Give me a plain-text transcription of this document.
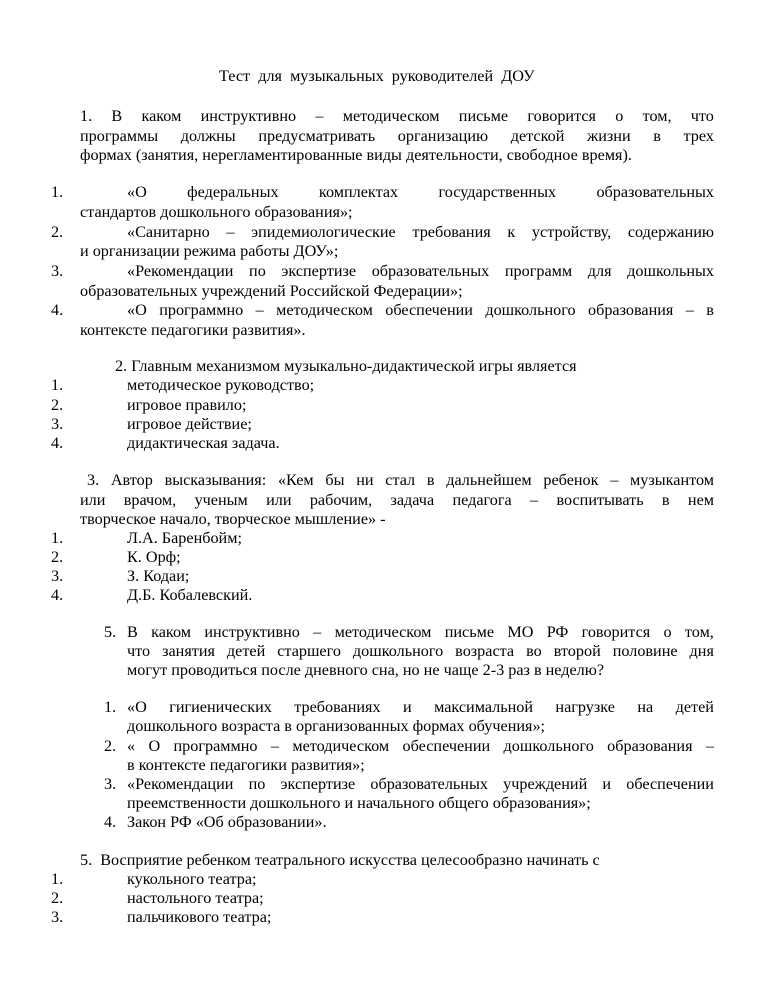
Тест  для  музыкальных  руководителей  ДОУ
1. В каком инструктивно – методическом письме говорится о том, что
программы должны предусматривать организацию детской жизни в трех
формах (занятия, нерегламентированные виды деятельности, свободное время).
1.	«О федеральных комплектах государственных образовательных
стандартов дошкольного образования»;
2.	«Санитарно – эпидемиологические требования к устройству, содержанию
и организации режима работы ДОУ»;
3.	«Рекомендации по экспертизе образовательных программ для дошкольных
образовательных учреждений Российской Федерации»;
4.	«О программно – методическом обеспечении дошкольного образования – в
контексте педагогики развития».
2. Главным механизмом музыкально-дидактической игры является
1.	методическое руководство;
2.	игровое правило;
3.	игровое действие;
4.	дидактическая задача.
3. Автор высказывания: «Кем бы ни стал в дальнейшем ребенок – музыкантом
или врачом, ученым или рабочим, задача педагога – воспитывать в нем
творческое начало, творческое мышление» -
1.	Л.А. Баренбойм;
2.	К. Орф;
3.	З. Кодаи;
4.	Д.Б. Кобалевский.
5. В каком инструктивно – методическом письме МО РФ говорится о том,
что занятия детей старшего дошкольного возраста во второй половине дня
могут проводиться после дневного сна, но не чаще 2-3 раз в неделю?
1. «О гигиенических требованиях и максимальной нагрузке на детей
дошкольного возраста в организованных формах обучения»;
2. « О программно – методическом обеспечении дошкольного образования –
в контексте педагогики развития»;
3. «Рекомендации по экспертизе образовательных учреждений и обеспечении
преемственности дошкольного и начального общего образования»;
4. Закон РФ «Об образовании».
5.  Восприятие ребенком театрального искусства целесообразно начинать с
1.	кукольного театра;
2.	настольного театра;
3.	пальчикового театра;
